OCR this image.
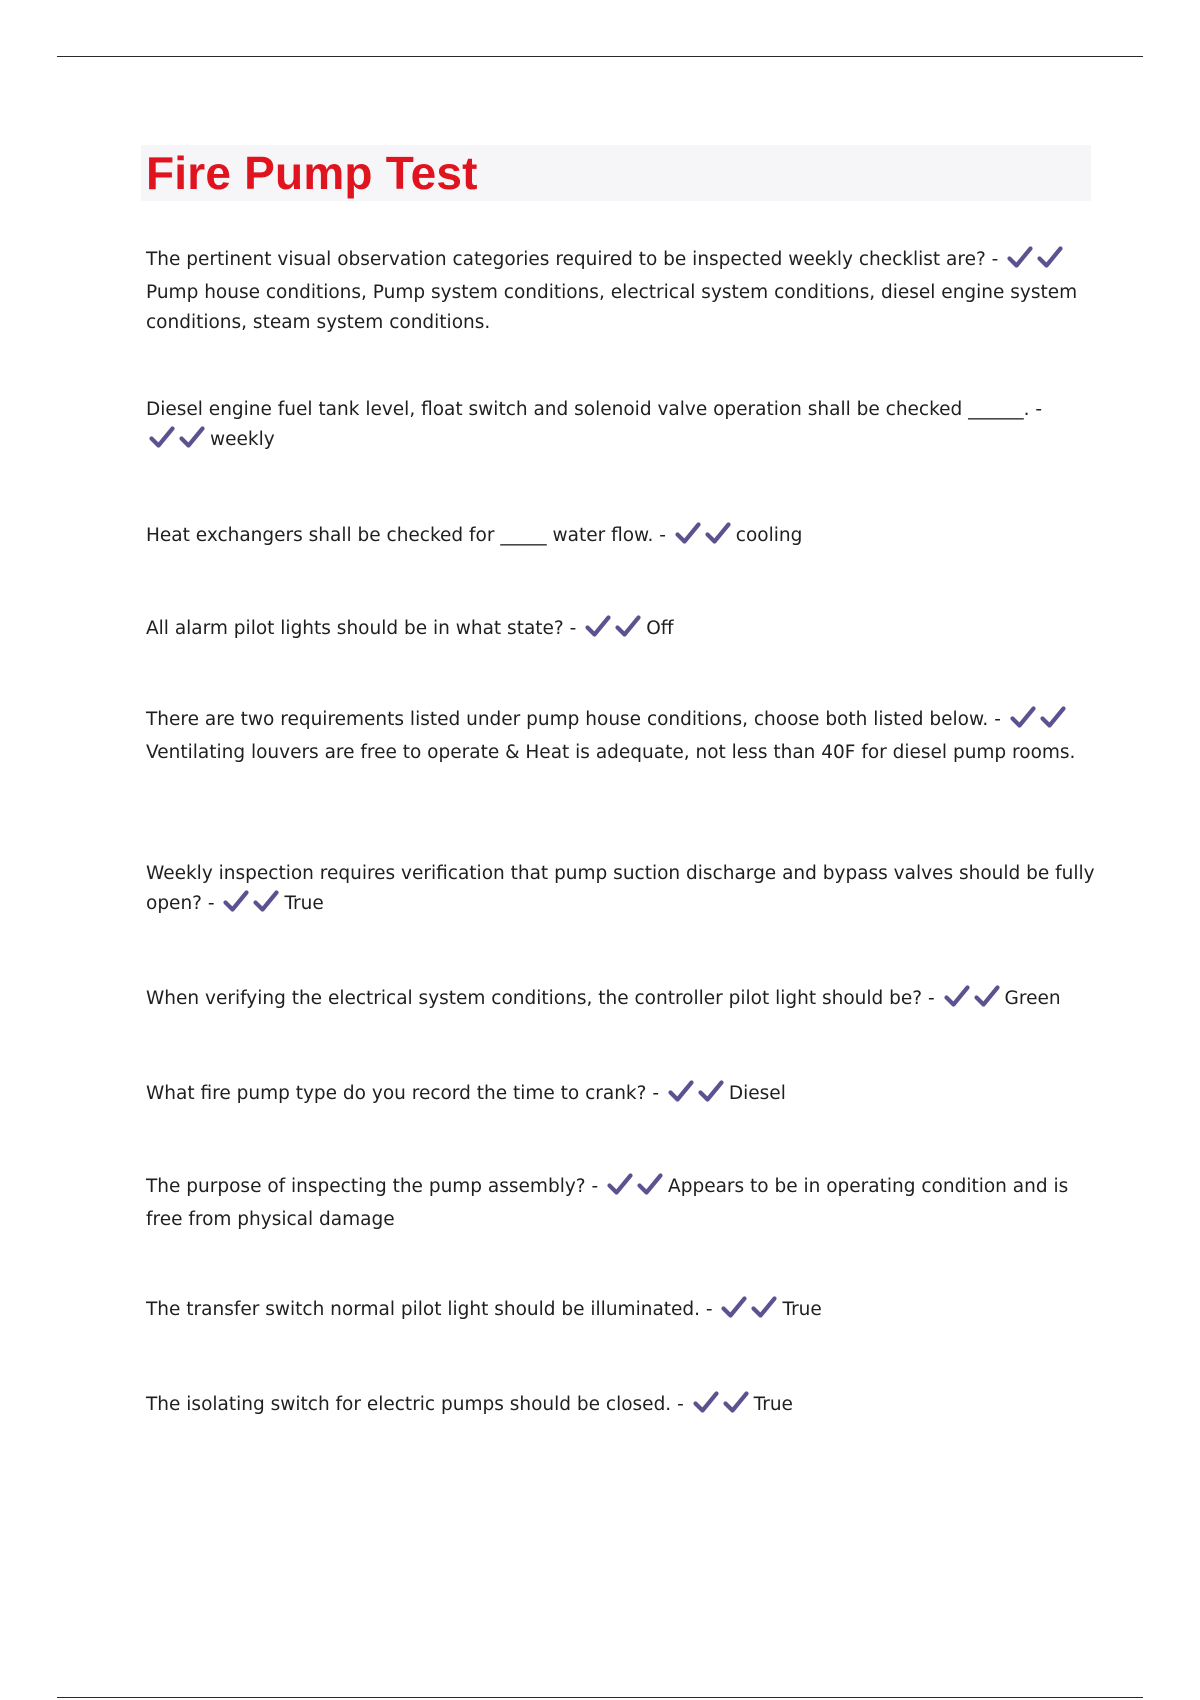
Fire Pump Test

The pertinent visual observation categories required to be inspected weekly checklist are? -
Pump house conditions, Pump system conditions, electrical system conditions, diesel engine system conditions, steam system conditions.

Diesel engine fuel tank level, float switch and solenoid valve operation shall be checked ______. -
weekly

Heat exchangers shall be checked for _____ water flow. -	cooling

All alarm pilot lights should be in what state? -	Off

There are two requirements listed under pump house conditions, choose both listed below. -
Ventilating louvers are free to operate & Heat is adequate, not less than 40F for diesel pump rooms.

Weekly inspection requires verification that pump suction discharge and bypass valves should be fully open? -	True

When verifying the electrical system conditions, the controller pilot light should be? -	Green

What fire pump type do you record the time to crank? -	Diesel

The purpose of inspecting the pump assembly? -	Appears to be in operating condition and is free from physical damage

The transfer switch normal pilot light should be illuminated. -	True

The isolating switch for electric pumps should be closed. -	True
